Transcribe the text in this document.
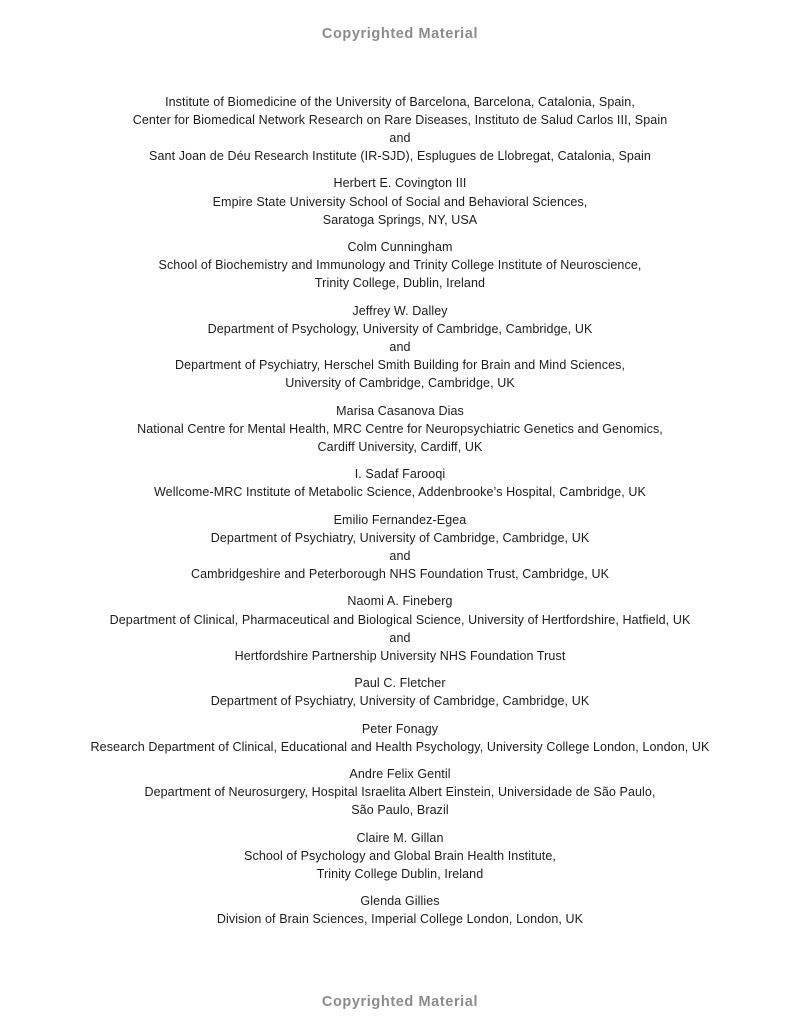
Copyrighted Material
Institute of Biomedicine of the University of Barcelona, Barcelona, Catalonia, Spain,
Center for Biomedical Network Research on Rare Diseases, Instituto de Salud Carlos III, Spain
and
Sant Joan de Déu Research Institute (IR-SJD), Esplugues de Llobregat, Catalonia, Spain
Herbert E. Covington III
Empire State University School of Social and Behavioral Sciences,
Saratoga Springs, NY, USA
Colm Cunningham
School of Biochemistry and Immunology and Trinity College Institute of Neuroscience,
Trinity College, Dublin, Ireland
Jeffrey W. Dalley
Department of Psychology, University of Cambridge, Cambridge, UK
and
Department of Psychiatry, Herschel Smith Building for Brain and Mind Sciences,
University of Cambridge, Cambridge, UK
Marisa Casanova Dias
National Centre for Mental Health, MRC Centre for Neuropsychiatric Genetics and Genomics,
Cardiff University, Cardiff, UK
I. Sadaf Farooqi
Wellcome-MRC Institute of Metabolic Science, Addenbrooke’s Hospital, Cambridge, UK
Emilio Fernandez-Egea
Department of Psychiatry, University of Cambridge, Cambridge, UK
and
Cambridgeshire and Peterborough NHS Foundation Trust, Cambridge, UK
Naomi A. Fineberg
Department of Clinical, Pharmaceutical and Biological Science, University of Hertfordshire, Hatfield, UK
and
Hertfordshire Partnership University NHS Foundation Trust
Paul C. Fletcher
Department of Psychiatry, University of Cambridge, Cambridge, UK
Peter Fonagy
Research Department of Clinical, Educational and Health Psychology, University College London, London, UK
Andre Felix Gentil
Department of Neurosurgery, Hospital Israelita Albert Einstein, Universidade de São Paulo,
São Paulo, Brazil
Claire M. Gillan
School of Psychology and Global Brain Health Institute,
Trinity College Dublin, Ireland
Glenda Gillies
Division of Brain Sciences, Imperial College London, London, UK
Copyrighted Material
